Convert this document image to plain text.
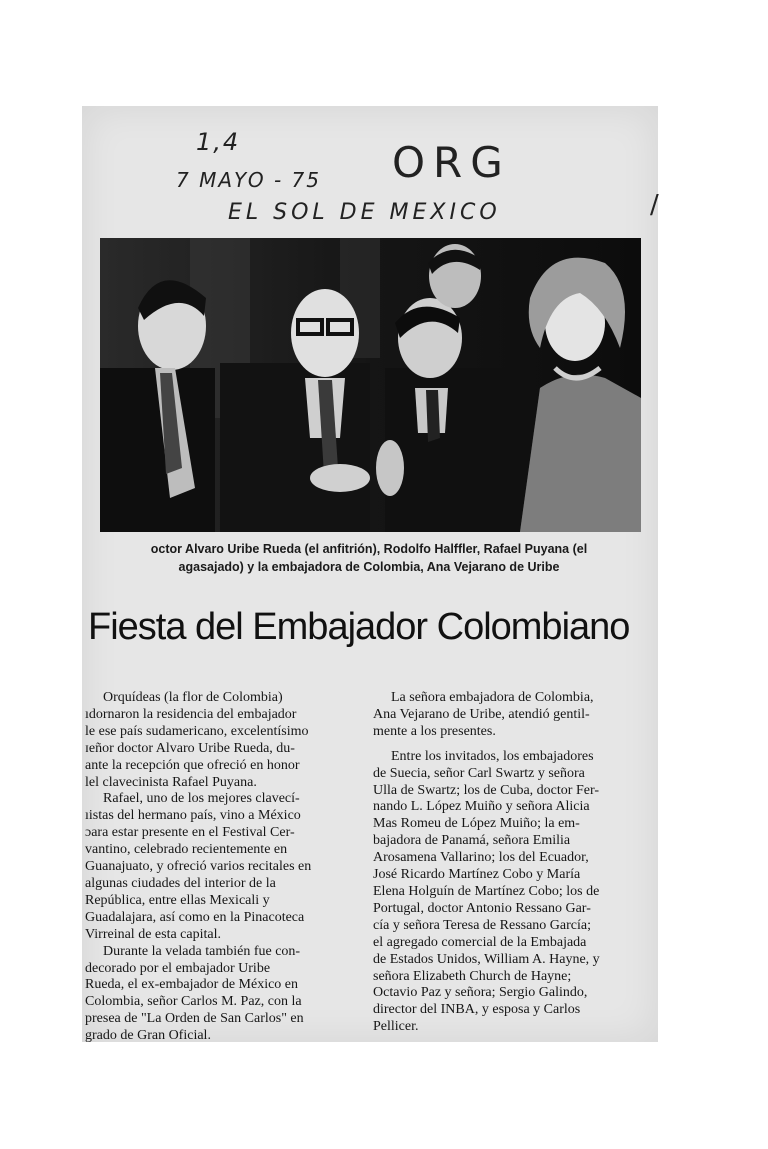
1,4
7 MAYO - 75 ORG
EL SOL DE MEXICO	/
octor Alvaro Uribe Rueda (el anfitrión), Rodolfo Halffler, Rafael Puyana (el
agasajado) y la embajadora de Colombia, Ana Vejarano de Uribe
Fiesta del Embajador Colombiano
Orquídeas (la flor de Colombia)
ıdornaron la residencia del embajador
le ese país sudamericano, excelentísimo
ɪeñor doctor Alvaro Uribe Rueda, du-
ante la recepción que ofreció en honor
lel clavecinista Rafael Puyana.
Rafael, uno de los mejores clavecí-
ıistas del hermano país, vino a México
ɔara estar presente en el Festival Cer-
vantino, celebrado recientemente en
Guanajuato, y ofreció varios recitales en
algunas ciudades del interior de la
República, entre ellas Mexicali y
Guadalajara, así como en la Pinacoteca
Virreinal de esta capital.
Durante la velada también fue con-
decorado por el embajador Uribe
Rueda, el ex-embajador de México en
Colombia, señor Carlos M. Paz, con la
presea de "La Orden de San Carlos" en
grado de Gran Oficial.
La señora embajadora de Colombia,
Ana Vejarano de Uribe, atendió gentil-
mente a los presentes.
Entre los invitados, los embajadores
de Suecia, señor Carl Swartz y señora
Ulla de Swartz; los de Cuba, doctor Fer-
nando L. López Muiño y señora Alicia
Mas Romeu de López Muiño; la em-
bajadora de Panamá, señora Emilia
Arosamena Vallarino; los del Ecuador,
José Ricardo Martínez Cobo y María
Elena Holguín de Martínez Cobo; los de
Portugal, doctor Antonio Ressano Gar-
cía y señora Teresa de Ressano García;
el agregado comercial de la Embajada
de Estados Unidos, William A. Hayne, y
señora Elizabeth Church de Hayne;
Octavio Paz y señora; Sergio Galindo,
director del INBA, y esposa y Carlos
Pellicer.
